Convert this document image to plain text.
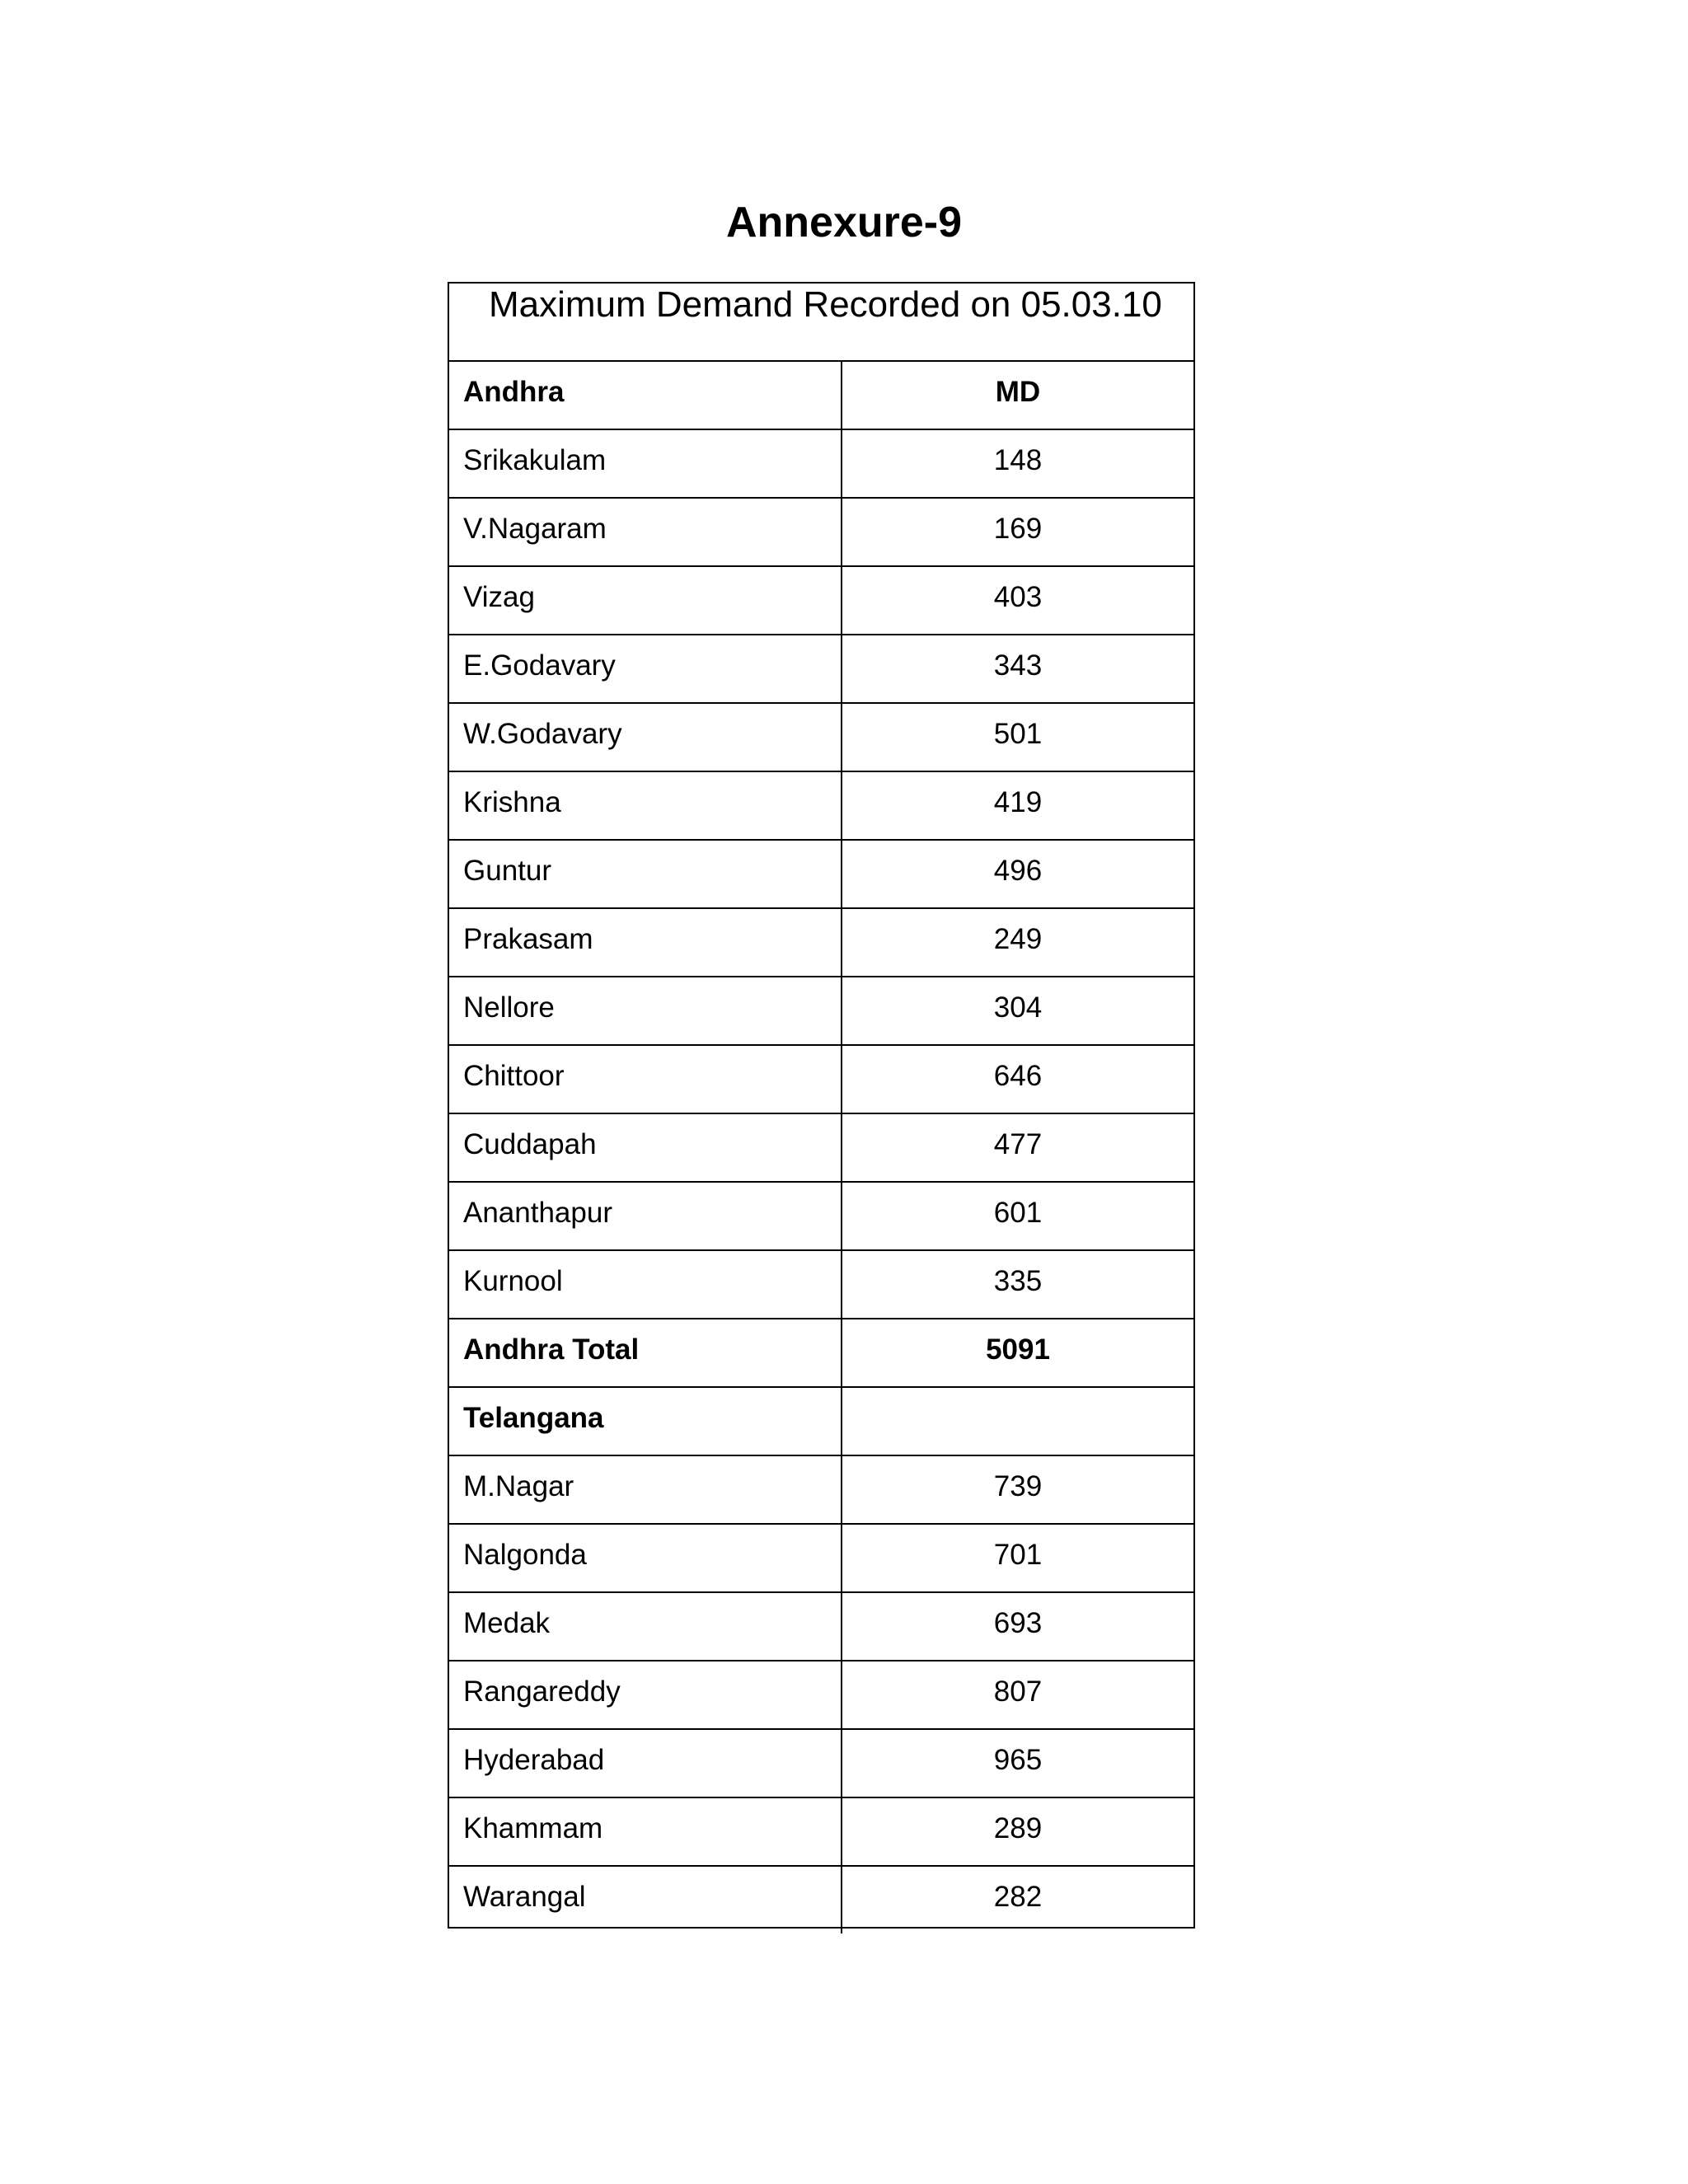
Annexure-9
Maximum Demand Recorded on 05.03.10
Andhra	MD
Srikakulam	148
V.Nagaram	169
Vizag	403
E.Godavary	343
W.Godavary	501
Krishna	419
Guntur	496
Prakasam	249
Nellore	304
Chittoor	646
Cuddapah	477
Ananthapur	601
Kurnool	335
Andhra Total	5091
Telangana
M.Nagar	739
Nalgonda	701
Medak	693
Rangareddy	807
Hyderabad	965
Khammam	289
Warangal	282
